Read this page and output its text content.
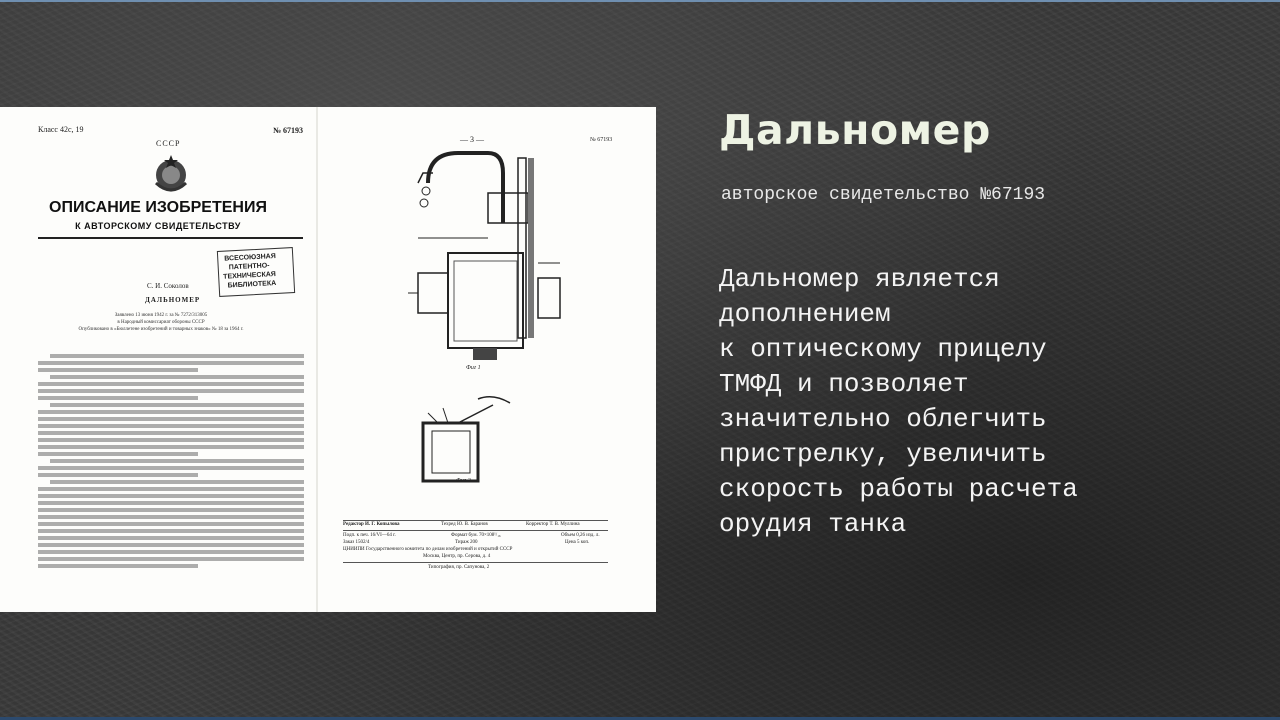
Класс 42с, 19	№ 67193
СССР
ОПИСАНИЕ ИЗОБРЕТЕНИЯ
К АВТОРСКОМУ СВИДЕТЕЛЬСТВУ
ВСЕСОЮЗНАЯ
ПАТЕНТНО-
ТЕХНИЧЕСКАЯ
БИБЛИОТЕКА
С. И. Соколов
ДАЛЬНОМЕР
Заявлено 13 июня 1942 г. за № 7272/313005
в Народный комиссариат обороны СССР
Опубликовано в «Бюллетене изобретений и товарных знаков» № 18 за 1964 г.
— 3 —	№ 67193
Фиг 1
Фиг 2
Редактор И. Г. Копылова	Техред Ю. В. Баранов	Корректор Т. В. Муллина
Подп. к печ. 16/VI—64 г.	Формат бум. 70×108¹/₁₆	Объем 0,26 изд. л.
Заказ 1502/4	Тираж 200	Цена 5 коп.
ЦНИИПИ Государственного комитета по делам изобретений и открытий СССР
Москва, Центр, пр. Серова, д. 4
Типография, пр. Сапунова, 2
Дальномер
авторское свидетельство №67193
Дальномер является
дополнением
к оптическому прицелу
ТМФД и позволяет
значительно облегчить
пристрелку, увеличить
скорость работы расчета
орудия танка
